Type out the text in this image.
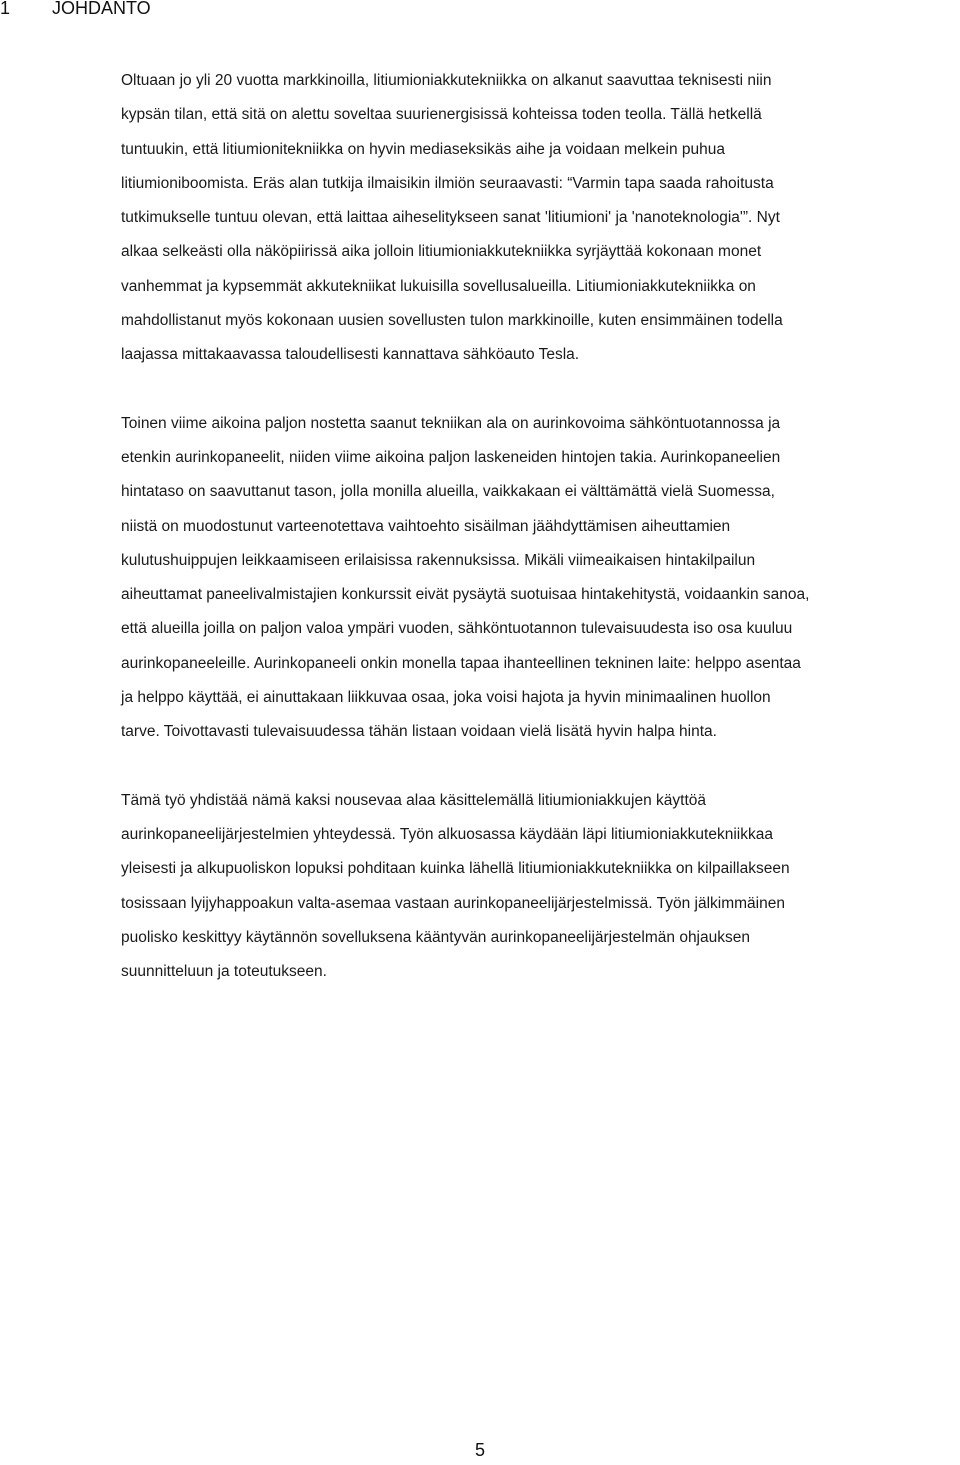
1 JOHDANTO
Oltuaan jo yli 20 vuotta markkinoilla, litiumioniakkutekniikka on alkanut saavuttaa teknisesti niin
kypsän tilan, että sitä on alettu soveltaa suurienergisissä kohteissa toden teolla. Tällä hetkellä
tuntuukin, että litiumionitekniikka on hyvin mediaseksikäs aihe ja voidaan melkein puhua
litiumioniboomista. Eräs alan tutkija ilmaisikin ilmiön seuraavasti: “Varmin tapa saada rahoitusta
tutkimukselle tuntuu olevan, että laittaa aiheselitykseen sanat 'litiumioni' ja 'nanoteknologia'”. Nyt
alkaa selkeästi olla näköpiirissä aika jolloin litiumioniakkutekniikka syrjäyttää kokonaan monet
vanhemmat ja kypsemmät akkutekniikat lukuisilla sovellusalueilla. Litiumioniakkutekniikka on
mahdollistanut myös kokonaan uusien sovellusten tulon markkinoille, kuten ensimmäinen todella
laajassa mittakaavassa taloudellisesti kannattava sähköauto Tesla.
Toinen viime aikoina paljon nostetta saanut tekniikan ala on aurinkovoima sähköntuotannossa ja
etenkin aurinkopaneelit, niiden viime aikoina paljon laskeneiden hintojen takia. Aurinkopaneelien
hintataso on saavuttanut tason, jolla monilla alueilla, vaikkakaan ei välttämättä vielä Suomessa,
niistä on muodostunut varteenotettava vaihtoehto sisäilman jäähdyttämisen aiheuttamien
kulutushuippujen leikkaamiseen erilaisissa rakennuksissa. Mikäli viimeaikaisen hintakilpailun
aiheuttamat paneelivalmistajien konkurssit eivät pysäytä suotuisaa hintakehitystä, voidaankin sanoa,
että alueilla joilla on paljon valoa ympäri vuoden, sähköntuotannon tulevaisuudesta iso osa kuuluu
aurinkopaneeleille. Aurinkopaneeli onkin monella tapaa ihanteellinen tekninen laite: helppo asentaa
ja helppo käyttää, ei ainuttakaan liikkuvaa osaa, joka voisi hajota ja hyvin minimaalinen huollon
tarve. Toivottavasti tulevaisuudessa tähän listaan voidaan vielä lisätä hyvin halpa hinta.
Tämä työ yhdistää nämä kaksi nousevaa alaa käsittelemällä litiumioniakkujen käyttöä
aurinkopaneelijärjestelmien yhteydessä. Työn alkuosassa käydään läpi litiumioniakkutekniikkaa
yleisesti ja alkupuoliskon lopuksi pohditaan kuinka lähellä litiumioniakkutekniikka on kilpaillakseen
tosissaan lyijyhappoakun valta-asemaa vastaan aurinkopaneelijärjestelmissä. Työn jälkimmäinen
puolisko keskittyy käytännön sovelluksena kääntyvän aurinkopaneelijärjestelmän ohjauksen
suunnitteluun ja toteutukseen.
5
